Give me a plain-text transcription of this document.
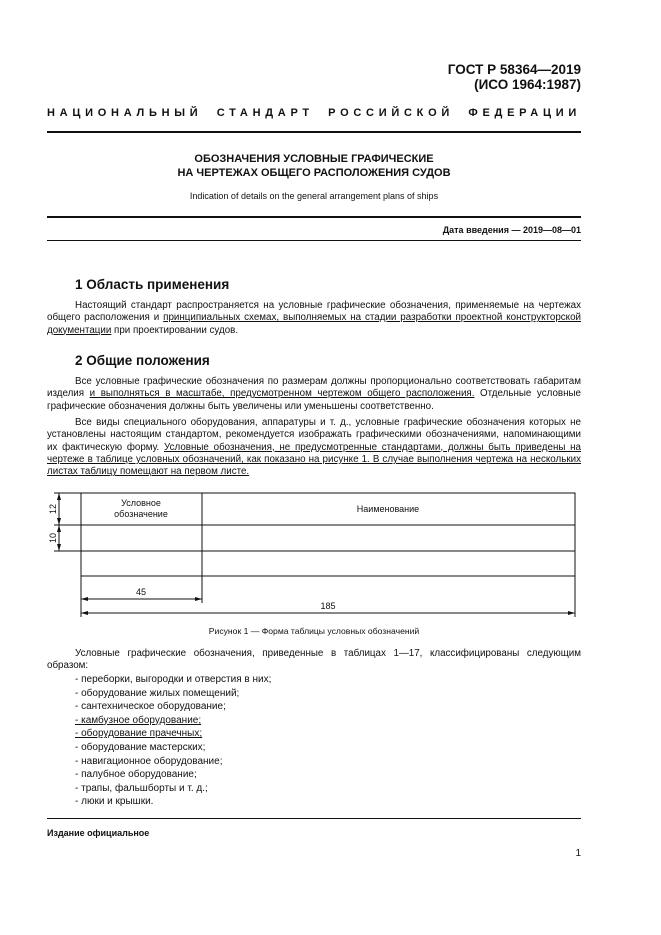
ГОСТ Р 58364—2019
(ИСО 1964:1987)
НАЦИОНАЛЬНЫЙ СТАНДАРТ РОССИЙСКОЙ ФЕДЕРАЦИИ
ОБОЗНАЧЕНИЯ УСЛОВНЫЕ ГРАФИЧЕСКИЕ
НА ЧЕРТЕЖАХ ОБЩЕГО РАСПОЛОЖЕНИЯ СУДОВ
Indication of details on the general arrangement plans of ships
Дата введения — 2019—08—01
1 Область применения
Настоящий стандарт распространяется на условные графические обозначения, применяемые на чертежах общего расположения и принципиальных схемах, выполняемых на стадии разработки проектной конструкторской документации при проектировании судов.
2 Общие положения
Все условные графические обозначения по размерам должны пропорционально соответствовать габаритам изделия и выполняться в масштабе, предусмотренном чертежом общего расположения. Отдельные условные графические обозначения должны быть увеличены или уменьшены соответственно.
Все виды специального оборудования, аппаратуры и т. д., условные графические обозначения которых не установлены настоящим стандартом, рекомендуется изображать графическими обозначениями, напоминающими их фактическую форму. Условные обозначения, не предусмотренные стандартами, должны быть приведены на чертеже в таблице условных обозначений, как показано на рисунке 1. В случае выполнения чертежа на нескольких листах таблицу помещают на первом листе.
Условное
обозначение	Наименование
12
10
45
185
Рисунок 1 — Форма таблицы условных обозначений
Условные графические обозначения, приведенные в таблицах 1—17, классифицированы следующим образом:
- переборки, выгородки и отверстия в них;
- оборудование жилых помещений;
- сантехническое оборудование;
- камбузное оборудование;
- оборудование прачечных;
- оборудование мастерских;
- навигационное оборудование;
- палубное оборудование;
- трапы, фальшборты и т. д.;
- люки и крышки.
Издание официальное
1
